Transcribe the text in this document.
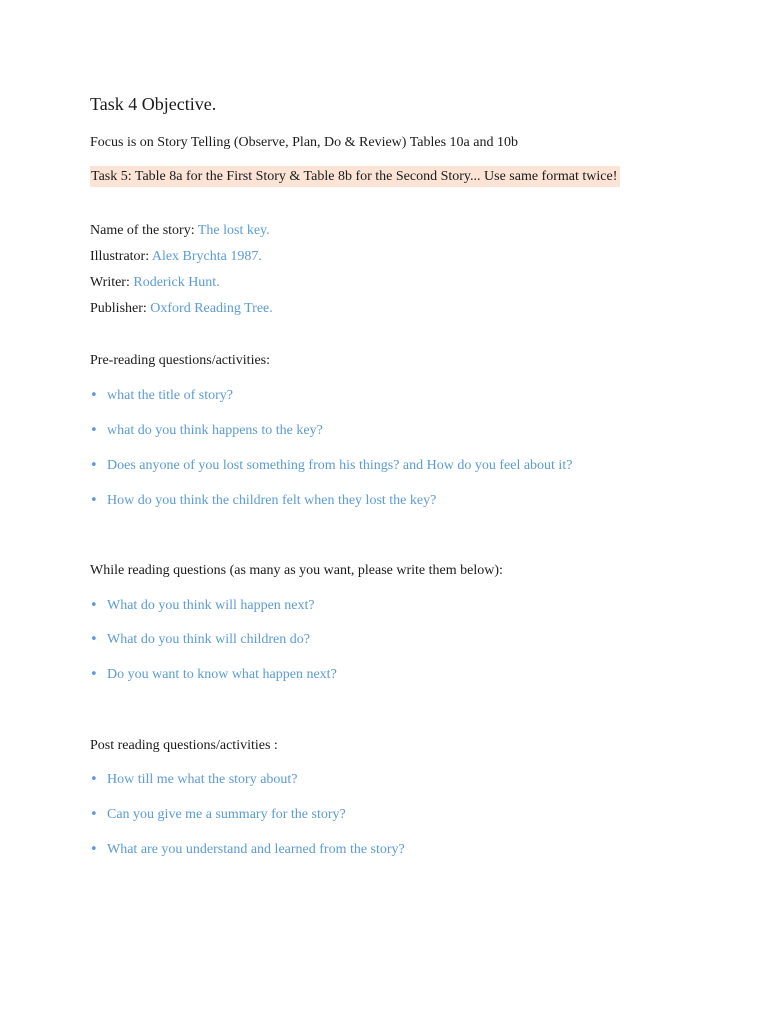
Task 4 Objective.
Focus is on Story Telling (Observe, Plan, Do & Review) Tables 10a and 10b
Task 5: Table 8a for the First Story & Table 8b for the Second Story... Use same format twice!
Name of the story: The lost key.
Illustrator: Alex Brychta 1987.
Writer: Roderick Hunt.
Publisher: Oxford Reading Tree.
Pre-reading questions/activities:
• what the title of story?
• what do you think happens to the key?
• Does anyone of you lost something from his things? and How do you feel about it?
• How do you think the children felt when they lost the key?
While reading questions (as many as you want, please write them below):
• What do you think will happen next?
• What do you think will children do?
• Do you want to know what happen next?
Post reading questions/activities :
• How till me what the story about?
• Can you give me a summary for the story?
• What are you understand and learned from the story?
